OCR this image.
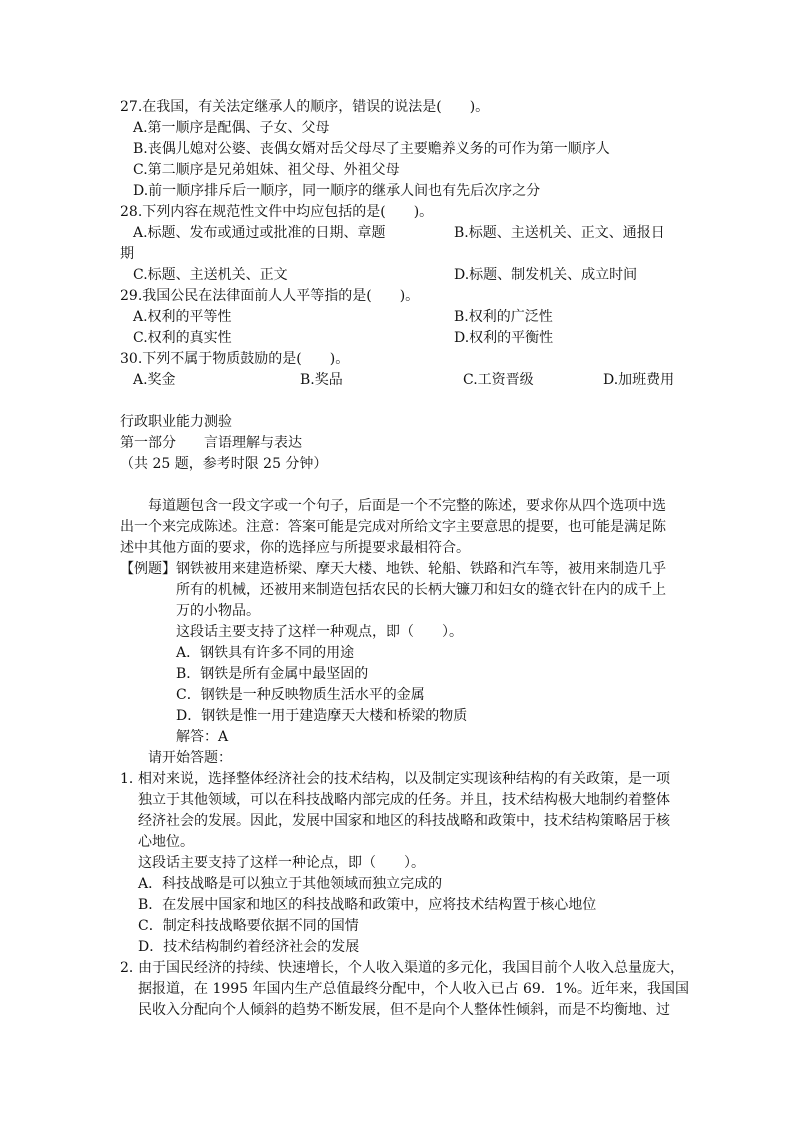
27.在我国，有关法定继承人的顺序，错误的说法是(　　)。
A.第一顺序是配偶、子女、父母
B.丧偶儿媳对公婆、丧偶女婿对岳父母尽了主要赡养义务的可作为第一顺序人
C.第二顺序是兄弟姐妹、祖父母、外祖父母
D.前一顺序排斥后一顺序，同一顺序的继承人间也有先后次序之分
28.下列内容在规范性文件中均应包括的是(　　)。
A.标题、发布或通过或批准的日期、章题	B.标题、主送机关、正文、通报日
期
C.标题、主送机关、正文	D.标题、制发机关、成立时间
29.我国公民在法律面前人人平等指的是(　　)。
A.权利的平等性	B.权利的广泛性
C.权利的真实性	D.权利的平衡性
30.下列不属于物质鼓励的是(　　)。
A.奖金	B.奖品	C.工资晋级	D.加班费用
行政职业能力测验
第一部分　　言语理解与表达
（共 25 题，参考时限 25 分钟）
每道题包含一段文字或一个句子，后面是一个不完整的陈述，要求你从四个选项中选
出一个来完成陈述。注意：答案可能是完成对所给文字主要意思的提要，也可能是满足陈
述中其他方面的要求，你的选择应与所提要求最相符合。
【例题】 钢铁被用来建造桥梁、摩天大楼、地铁、轮船、铁路和汽车等，被用来制造几乎
所有的机械，还被用来制造包括农民的长柄大镰刀和妇女的缝衣针在内的成千上
万的小物品。
这段话主要支持了这样一种观点，即（　　）。
A．钢铁具有许多不同的用途
B．钢铁是所有金属中最坚固的
C．钢铁是一种反映物质生活水平的金属
D．钢铁是惟一用于建造摩天大楼和桥梁的物质
解答：A
请开始答题：
1．
相对来说，选择整体经济社会的技术结构，以及制定实现该种结构的有关政策，是一项
独立于其他领域，可以在科技战略内部完成的任务。并且，技术结构极大地制约着整体
经济社会的发展。因此，发展中国家和地区的科技战略和政策中，技术结构策略居于核
心地位。
这段话主要支持了这样一种论点，即（　　）。
A．科技战略是可以独立于其他领域而独立完成的
B．在发展中国家和地区的科技战略和政策中，应将技术结构置于核心地位
C．制定科技战略要依据不同的国情
D．技术结构制约着经济社会的发展
2．
由于国民经济的持续、快速增长，个人收入渠道的多元化，我国目前个人收入总量庞大，
据报道，在 1995 年国内生产总值最终分配中，个人收入已占 69．1%。近年来，我国国
民收入分配向个人倾斜的趋势不断发展，但不是向个人整体性倾斜，而是不均衡地、过
